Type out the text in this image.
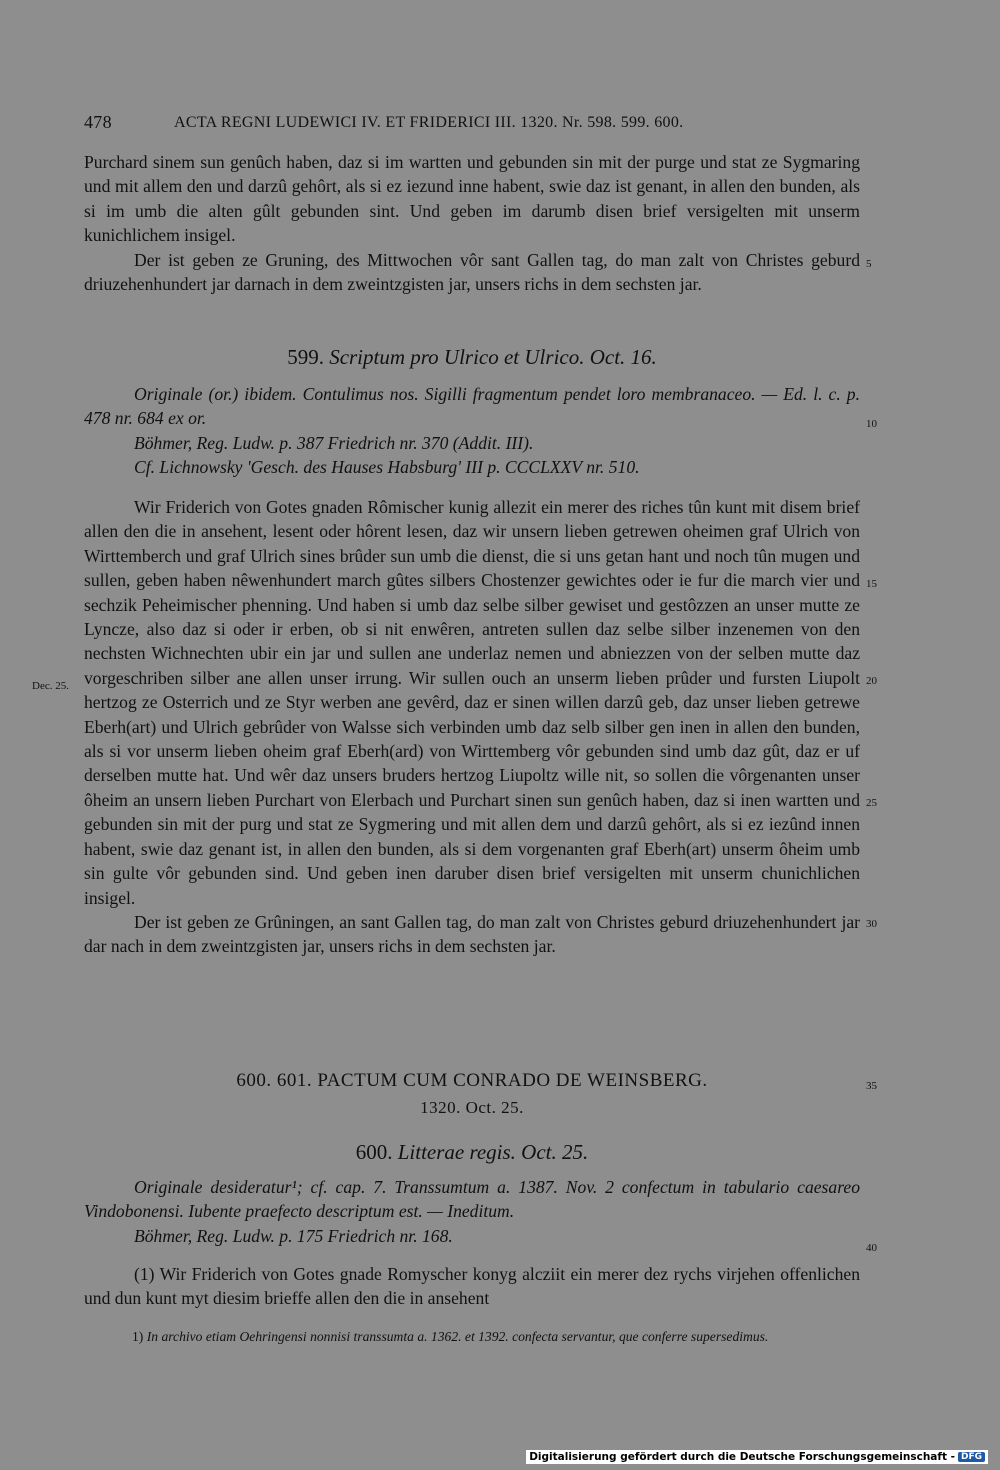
478	ACTA REGNI LUDEWICI IV. ET FRIDERICI III. 1320. Nr. 598. 599. 600.

Purchard sinem sun genûch haben, daz si im wartten und gebunden sin mit der purge und stat ze Sygmaring und mit allem den und darzû gehôrt, als si ez iezund inne habent, swie daz ist genant, in allen den bunden, als si im umb die alten gûlt gebunden sint. Und geben im darumb disen brief versigelten mit unserm kunichlichem insigel.

Der ist geben ze Gruning, des Mittwochen vôr sant Gallen tag, do man zalt von Christes geburd driuzehenhundert jar darnach in dem zweintzgisten jar, unsers richs in dem sechsten jar.

599. Scriptum pro Ulrico et Ulrico. Oct. 16.

Originale (or.) ibidem. Contulimus nos. Sigilli fragmentum pendet loro membranaceo. — Ed. l. c. p. 478 nr. 684 ex or.

Böhmer, Reg. Ludw. p. 387 Friedrich nr. 370 (Addit. III).

Cf. Lichnowsky 'Gesch. des Hauses Habsburg' III p. CCCLXXV nr. 510.

Wir Friderich von Gotes gnaden Rômischer kunig allezit ein merer des riches tûn kunt mit disem brief allen den die in ansehent, lesent oder hôrent lesen, daz wir unsern lieben getrewen oheimen graf Ulrich von Wirttemberch und graf Ulrich sines brûder sun umb die dienst, die si uns getan hant und noch tûn mugen und sullen, geben haben nêwenhundert march gûtes silbers Chostenzer gewichtes oder ie fur die march vier und sechzik Peheimischer phenning. Und haben si umb daz selbe silber gewiset und gestôzzen an unser mutte ze Lyncze, also daz si oder ir erben, ob si nit enwêren, antreten sullen daz selbe silber inzenemen von den nechsten Wichnechten ubir ein jar und sullen ane underlaz nemen und abniezzen von der selben mutte daz vorgeschriben silber ane allen unser irrung. Wir sullen ouch an unserm lieben prûder und fursten Liupolt hertzog ze Osterrich und ze Styr werben ane gevêrd, daz er sinen willen darzû geb, daz unser lieben getrewe Eberh(art) und Ulrich gebrûder von Walsse sich verbinden umb daz selb silber gen inen in allen den bunden, als si vor unserm lieben oheim graf Eberh(ard) von Wirttemberg vôr gebunden sind umb daz gût, daz er uf derselben mutte hat. Und wêr daz unsers bruders hertzog Liupoltz wille nit, so sollen die vôrgenanten unser ôheim an unsern lieben Purchart von Elerbach und Purchart sinen sun genûch haben, daz si inen wartten und gebunden sin mit der purg und stat ze Sygmering und mit allen dem und darzû gehôrt, als si ez iezûnd innen habent, swie daz genant ist, in allen den bunden, als si dem vorgenanten graf Eberh(art) unserm ôheim umb sin gulte vôr gebunden sind. Und geben inen daruber disen brief versigelten mit unserm chunichlichen insigel.

Der ist geben ze Grûningen, an sant Gallen tag, do man zalt von Christes geburd driuzehenhundert jar dar nach in dem zweintzgisten jar, unsers richs in dem sechsten jar.

Dec. 25.
600. 601. PACTUM CUM CONRADO DE WEINSBERG.
1320. Oct. 25.
600. Litterae regis. Oct. 25.

Originale desideratur¹; cf. cap. 7. Transsumtum a. 1387. Nov. 2 confectum in tabulario caesareo Vindobonensi. Iubente praefecto descriptum est. — Ineditum.

Böhmer, Reg. Ludw. p. 175 Friedrich nr. 168.

(1) Wir Friderich von Gotes gnade Romyscher konyg alcziit ein merer dez rychs virjehen offenlichen und dun kunt myt diesim brieffe allen den die in ansehent

1) In archivo etiam Oehringensi nonnisi transsumta a. 1362. et 1392. confecta servantur, que conferre supersedimus.
5
10
15
20
25
30
35
40
Digitalisierung gefördert durch die Deutsche Forschungsgemeinschaft - DFG
